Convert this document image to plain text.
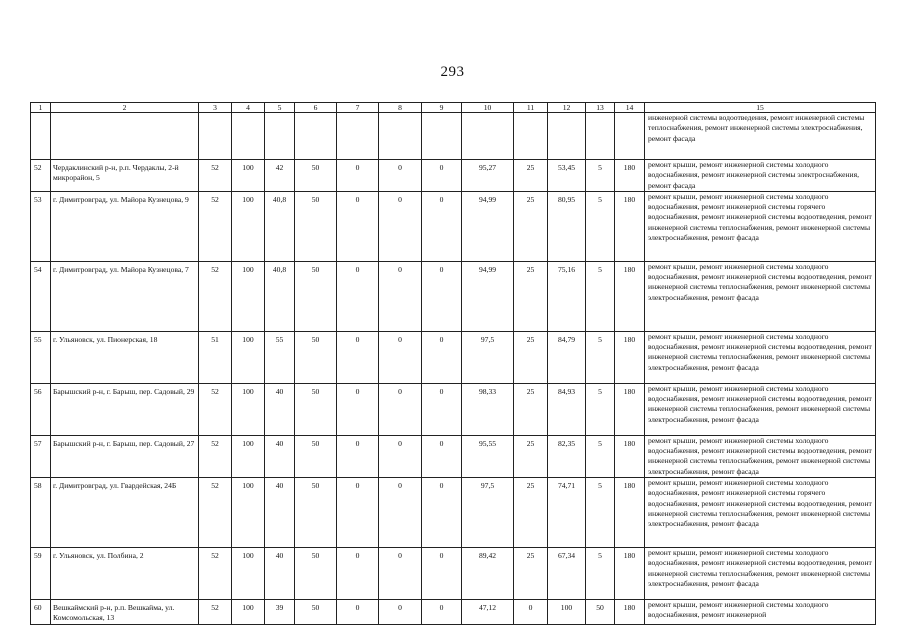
293
1	2	3	4	5	6	7	8	9	10	11	12	13	14	15
														инженерной системы водоотведения, ремонт инженерной системы теплоснабжения, ремонт инженерной системы электроснабжения, ремонт фасада
52	Чердаклинский р-н, р.п. Чердаклы, 2-й микрорайон, 5	52	100	42	50	0	0	0	95,27	25	53,45	5	180	ремонт крыши, ремонт инженерной системы холодного водоснабжения, ремонт инженерной системы электроснабжения, ремонт фасада
53	г. Димитровград, ул. Майора Кузнецова, 9	52	100	40,8	50	0	0	0	94,99	25	80,95	5	180	ремонт крыши, ремонт инженерной системы холодного водоснабжения, ремонт инженерной системы горячего водоснабжения, ремонт инженерной системы водоотведения, ремонт инженерной системы теплоснабжения, ремонт инженерной системы электроснабжения, ремонт фасада
54	г. Димитровград, ул. Майора Кузнецова, 7	52	100	40,8	50	0	0	0	94,99	25	75,16	5	180	ремонт крыши, ремонт инженерной системы холодного водоснабжения, ремонт инженерной системы водоотведения, ремонт инженерной системы теплоснабжения, ремонт инженерной системы электроснабжения, ремонт фасада
55	г. Ульяновск, ул. Пионерская, 18	51	100	55	50	0	0	0	97,5	25	84,79	5	180	ремонт крыши, ремонт инженерной системы холодного водоснабжения, ремонт инженерной системы водоотведения, ремонт инженерной системы теплоснабжения, ремонт инженерной системы электроснабжения, ремонт фасада
56	Барышский р-н, г. Барыш, пер. Садовый, 29	52	100	40	50	0	0	0	98,33	25	84,93	5	180	ремонт крыши, ремонт инженерной системы холодного водоснабжения, ремонт инженерной системы водоотведения, ремонт инженерной системы теплоснабжения, ремонт инженерной системы электроснабжения, ремонт фасада
57	Барышский р-н, г. Барыш, пер. Садовый, 27	52	100	40	50	0	0	0	95,55	25	82,35	5	180	ремонт крыши, ремонт инженерной системы холодного водоснабжения, ремонт инженерной системы водоотведения, ремонт инженерной системы теплоснабжения, ремонт инженерной системы электроснабжения, ремонт фасада
58	г. Димитровград, ул. Гвардейская, 24Б	52	100	40	50	0	0	0	97,5	25	74,71	5	180	ремонт крыши, ремонт инженерной системы холодного водоснабжения, ремонт инженерной системы горячего водоснабжения, ремонт инженерной системы водоотведения, ремонт инженерной системы теплоснабжения, ремонт инженерной системы электроснабжения, ремонт фасада
59	г. Ульяновск, ул. Полбина, 2	52	100	40	50	0	0	0	89,42	25	67,34	5	180	ремонт крыши, ремонт инженерной системы холодного водоснабжения, ремонт инженерной системы водоотведения, ремонт инженерной системы теплоснабжения, ремонт инженерной системы электроснабжения, ремонт фасада
60	Вешкаймский р-н, р.п. Вешкайма, ул. Комсомольская, 13	52	100	39	50	0	0	0	47,12	0	100	50	180	ремонт крыши, ремонт инженерной системы холодного водоснабжения, ремонт инженерной
